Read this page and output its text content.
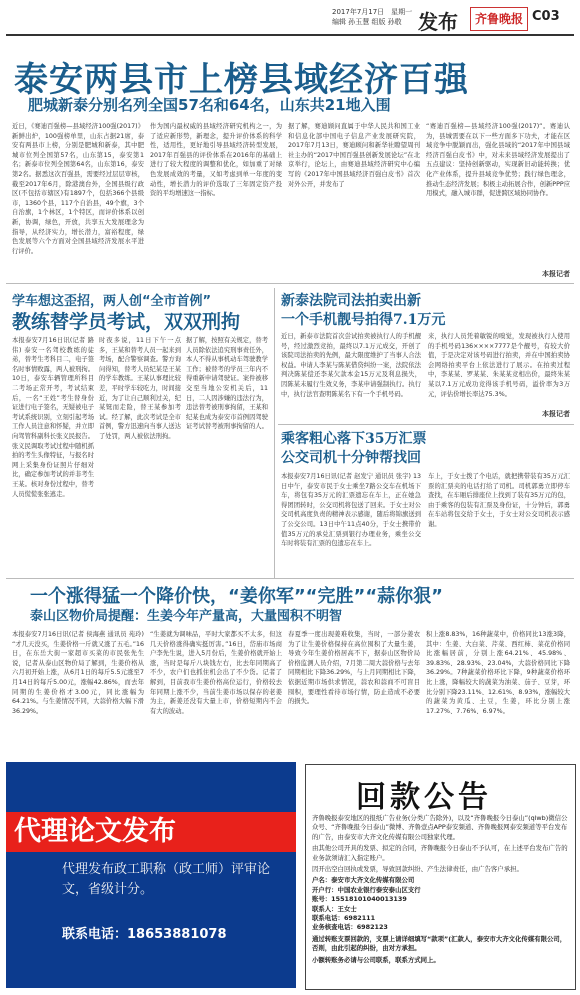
2017年7月17日　星期一
编辑 孙玉慧 组版 孙敬 发布	齐鲁晚报 C03
泰安两县市上榜县域经济百强
肥城新泰分别名列全国57名和64名，山东共21地入围
近日，《赛迪百强榜—县域经济100强(2017)》新鲜出炉，100强榜单里，山东占据21席，泰安有两县市上榜，分别是肥城和新泰，其中肥城市位列全国第57名，山东第15，泰安第1名；新泰市位列全国第64名，山东第16，泰安第2名。据悉这次百强县，需要经过层层审核，截至2017年6月，除港澳台外，全国县级行政区(不包括市辖区)有1897个，包括366个县级市，1360个县，117个自治县，49个旗，3个自治旗，1个林区，1个特区，而评价体系以创新，协调，绿色，开放，共享五大发展理念为指导，从经济实力，增长潜力，富裕程度，绿色发展等六个方面对全国县域经济发展水平进行评价。
作为国内最权威的县域经济研究机构之一，为了适应新形势，新理念，提升评价体系的科学性，适用性，更好地引导县域经济转型发展，2017年百强县的评价体系在2016年的基础上进行了较大程度的调整和优化，如加重了对绿色发展成效的考量，又如考虑到单一年度的变动性，增长潜力的评价选取了三年固定资产投资的平均增速这一指标。
据了解，赛迪顾问直属于中华人民共和国工业和信息化部中国电子信息产业发展研究院，2017年7月13日，赛迪顾问和新华社瞭望周刊社主办的“2017中国百强县创新发展论坛”在北京举行，论坛上，由赛迪县域经济研究中心编写的《2017年中国县域经济百强白皮书》首次对外公开，并发布了
“赛迪百强榜—县域经济100强(2017)”。赛迪认为，县城需要在以下一些方面多下功夫，才能在区域竞争中脱颖而出，强化县域的“2017年中国县域经济百强白皮书》中，对未来县域经济发展提出了五点建议：坚持创新驱动，实现新旧动能转换；优化产业体系，提升县域竞争优势；践行绿色理念，推动生态经济发展；积极主动拓展合作，创新PPP应用模式，融入城市群，促进跨区域协同协作。
本报记者
学车想这歪招，两人创“全市首例”
教练替学员考试，双双刑拘
本报泰安7月16日讯(记者 路伟) 泰安一名驾校教练的徒弟，替考生考科目二，电子签名时事情败露，两人被刑拘。10日，泰安车辆管理所科目二考场正常开考，考试结束后，一名“王姓”考生替身份证进行电子签名，无疑被电子考试系统识别，立刻引起考场工作人员注意和怀疑，并立即向驾管科副科长张义民报告。张义民调取考试过程中随机抓拍的考生头像特征，与报名时网上采集身份证照片仔细对比，确定参加考试的并非考生王某。核对身份过程中，替考人员慌慌张张逃走。
时夜多说，11日下午一点多，王某和替考人员一起来到考场，配合警察调查。警方询问得知，替考人员纪某是王某的学车教练。王某认事理比较差，平时学车较吃力，时间接近，为了让自己顺利过关，纪某铤而走险，替王某参加考试。经了解，此次考试是全市首例，警方迅速向当事人送达了处罚，两人被依法刑拘。
据了解，按照有关规定，替考人员除依法追究刑事责任外，本人不得从事机动车驾驶教学工作；被替考的学员三年内不得重新申请驾驶证。案件被移交至当地公安机关后，11日，二人因涉嫌的违法行为，违法替考被刑事拘留，王某和纪某也成为泰安市首例因驾驶证考试替考被刑事拘留的人。
新泰法院司法拍卖出新
一个手机靓号拍得7.1万元
近日，新泰市法院首次尝试拍卖被执行人的手机靓号，经过激烈竞拍，最终以7.1万元成交，开创了该院司法拍卖的先例，最大限度维护了当事人合法权益。申请人李某与陈某借贷纠纷一案，法院依法判决陈某偿还李某欠款本金15万元及利息损失，因陈某未履行生效义务，李某申请强制执行。执行中，执行法官查明陈某名下有一个手机号码。
来，执行人员凭着敏锐的嗅觉，发现被执行人使用的手机号码136××××7777是个靓号，有较大价值，于是决定对该号码进行拍卖，并在中国拍卖协会网络拍卖平台上依法进行了展示。在拍卖过程中，李某某、罗某某、朱某某竞相出价，最终朱某某以7.1万元成功竞得该手机号码，溢价率为3万元，评估价增长率达75.3%。
本报记者
乘客粗心落下35万汇票
公交司机十分钟帮找回
本报泰安7月16日讯(记者 赵发宁 通讯员 张宇) 13日中午，泰安市民于女士乘坐7路公交车在机场下车，将包有35万元的汇票遗忘在车上，正在她急得团团转时，公交司机将包送了回来。于女士对公交司机高度负责的精神表示感谢，随后将锦旗送到了公交公司。13日中午11点40分，于女士携带价值35万元的承兑汇票到银行办理业务，乘坐公交车时将装有汇票的包遗忘在车上。
车上，于女士拨了个电话，就把携带装有35万元汇票的汇票夹的电话打给了司机。司机郭勇立即停车查找，在车厢后排座位上找到了装有35万元的包，由于乘客的包装有汇票及身份证，十分钟后，郭勇在车站将包交给于女士，于女士对公交司机表示感谢。
一个涨得猛一个降价快，“姜你军”“完胜”“蒜你狠”
泰山区物价局提醒：生姜今年产量高，大量囤积不明智
本报泰安7月16日讯(记者 侯海燕 通讯员 苑玲) “才几天没买，生姜价格一斤就又涨了五毛。”16日，在东岳大街一家超市买菜的市民张先生说，记者从泰山区物价局了解到，生姜价格从六月初开始上涨，从6月1日的每斤5.5元涨至7月14日的每斤5.00元，涨幅42.86%，而去年同期的生姜价格才3.00元，同比涨幅为64.21%。与生姜情况不同，大蒜价格大幅下滑36.29%。
“生姜就为调味品，平时大家都买不太多，但这几天价格涨得确实挺厉害。”16日，岱庙市场商户李先生说，进入5月份后，生姜价格就开始上涨，当时是每斤八块钱左右，比去年同期高了不少，农户们也抓住机会出了不少货。记者了解到，目前我市生姜价格高位运行，价格较去年同期上涨不少，当前生姜市场以保存的老姜为主，新姜还没有大量上市，价格短期内不会有大的波动。
春夏季一度出现姜难收集，当时，一部分姜农为了让生姜价格保持在高位囤积了大量生姜，导致今年生姜价格居高不下，据泰山区物价局价格监测人员介绍，7月第二周大蒜价格与去年同期相比下降36.29%，与上月同期相比下降，依据近期市场供求情况，蒜农和蒜商不可盲目囤积，要理性看待市场行情，防止造成不必要的损失。
积上涨8.83%，16种蔬菜中，价格同比13涨3降，其中：生姜、大白菜、芹菜、西红柿、菜花价格同比涨幅居前，分别上涨64.21%、45.98%、39.83%、28.93%、23.04%，大蒜价格同比下降36.29%。7种蔬菜价格环比下降，9种蔬菜价格环比上涨，降幅较大的蔬菜为油菜、茄子、豆芽，环比分别下降23.11%、12.61%、8.93%，涨幅较大的蔬菜为黄瓜、土豆，生姜，环比分别上涨17.27%、7.76%、6.97%。
代理论文发布
代理发布政工职称（政工师）评审论文，省级计分。
联系电话：18653881078
回款公告

齐鲁晚报泰安地区的报纸广告业务(分类广告除外)，以及“齐鲁晚报今日泰山”(qlwb)微信公众号、“齐鲁晚报今日泰山”微博、齐鲁壹点APP泰安频道、齐鲁晚报网泰安频道等平台发布的广告，由泰安市大齐文化传媒有限公司独家代理。

由其他公司开具的发票、拟定的合同，齐鲁晚报今日泰山不予认可，在上述平台发布广告的业务款须请汇入指定账户。

因开出空白回执或发票，导致回款纠纷、产生法律责任，由广告客户承担。

户名：泰安市大齐文化传媒有限公司

开户行：中国农业银行泰安泰山区支行

账号：15518101040013139

联系人：王女士

联系电话：6982111

业务核查电话：6982123

通过转账支票回款的，支票上请详细填写“款项”(汇款人，泰安市大齐文化传媒有限公司，否则，由此引起的纠纷，由对方承担。

小额转账务必请与公司联系，联系方式同上。
